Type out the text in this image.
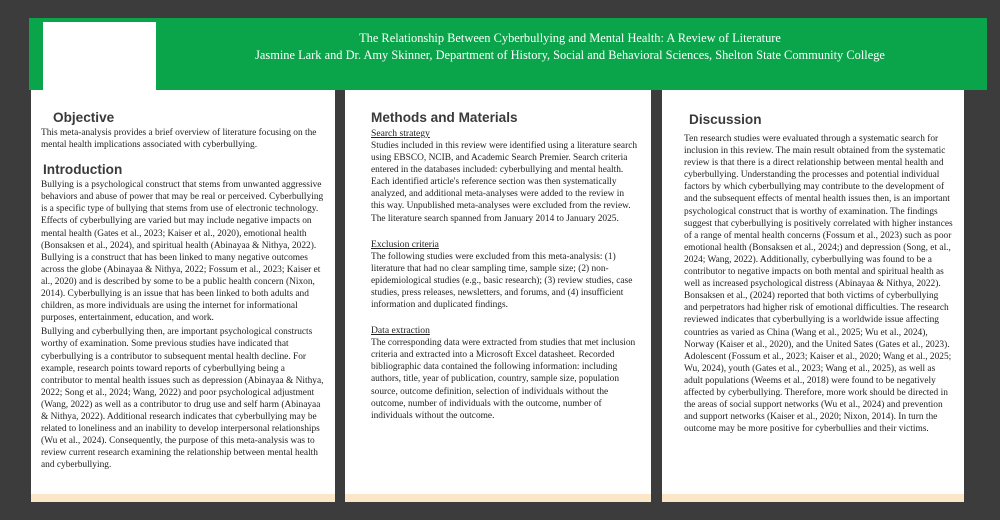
The Relationship Between Cyberbullying and Mental Health: A Review of Literature
Jasmine Lark and Dr. Amy Skinner, Department of History, Social and Behavioral Sciences, Shelton State Community College
Objective

This meta-analysis provides a brief overview of literature focusing on the mental health implications associated with cyberbullying.

Introduction

Bullying is a psychological construct that stems from unwanted aggressive behaviors and abuse of power that may be real or perceived. Cyberbullying is a specific type of bullying that stems from use of electronic technology. Effects of cyberbullying are varied but may include negative impacts on mental health (Gates et al., 2023; Kaiser et al., 2020), emotional health (Bonsaksen et al., 2024), and spiritual health (Abinayaa & Nithya, 2022). Bullying is a construct that has been linked to many negative outcomes across the globe (Abinayaa & Nithya, 2022; Fossum et al., 2023; Kaiser et al., 2020) and is described by some to be a public health concern (Nixon, 2014). Cyberbullying is an issue that has been linked to both adults and children, as more individuals are using the internet for informational purposes, entertainment, education, and work.

Bullying and cyberbullying then, are important psychological constructs worthy of examination. Some previous studies have indicated that cyberbullying is a contributor to subsequent mental health decline. For example, research points toward reports of cyberbullying being a contributor to mental health issues such as depression (Abinayaa & Nithya, 2022; Song et al., 2024; Wang, 2022) and poor psychological adjustment (Wang, 2022) as well as a contributor to drug use and self harm (Abinayaa & Nithya, 2022). Additional research indicates that cyberbullying may be related to loneliness and an inability to develop interpersonal relationships (Wu et al., 2024). Consequently, the purpose of this meta-analysis was to review current research examining the relationship between mental health and cyberbullying.

Methods and Materials

Search strategy

Studies included in this review were identified using a literature search using EBSCO, NCIB, and Academic Search Premier. Search criteria entered in the databases included: cyberbullying and mental health. Each identified article's reference section was then systematically analyzed, and additional meta-analyses were added to the review in this way. Unpublished meta-analyses were excluded from the review. The literature search spanned from January 2014 to January 2025.

Exclusion criteria

The following studies were excluded from this meta-analysis: (1) literature that had no clear sampling time, sample size; (2) non-epidemiological studies (e.g., basic research); (3) review studies, case studies, press releases, newsletters, and forums, and (4) insufficient information and duplicated findings.

Data extraction

The corresponding data were extracted from studies that met inclusion criteria and extracted into a Microsoft Excel datasheet. Recorded bibliographic data contained the following information: including authors, title, year of publication, country, sample size, population source, outcome definition, selection of individuals without the outcome, number of individuals with the outcome, number of individuals without the outcome.

Discussion

Ten research studies were evaluated through a systematic search for inclusion in this review. The main result obtained from the systematic review is that there is a direct relationship between mental health and cyberbullying. Understanding the processes and potential individual factors by which cyberbullying may contribute to the development of and the subsequent effects of mental health issues then, is an important psychological construct that is worthy of examination. The findings suggest that cyberbullying is positively correlated with higher instances of a range of mental health concerns (Fossum et al., 2023) such as poor emotional health (Bonsaksen et al., 2024;) and depression (Song, et al., 2024; Wang, 2022). Additionally, cyberbullying was found to be a contributor to negative impacts on both mental and spiritual health as well as increased psychological distress (Abinayaa & Nithya, 2022). Bonsaksen et al., (2024) reported that both victims of cyberbullying and perpetrators had higher risk of emotional difficulties. The research reviewed indicates that cyberbullying is a worldwide issue affecting countries as varied as China (Wang et al., 2025; Wu et al., 2024), Norway (Kaiser et al., 2020), and the United Sates (Gates et al., 2023). Adolescent (Fossum et al., 2023; Kaiser et al., 2020; Wang et al., 2025; Wu, 2024), youth (Gates et al., 2023; Wang et al., 2025), as well as adult populations (Weems et al., 2018) were found to be negatively affected by cyberbullying. Therefore, more work should be directed in the areas of social support networks (Wu et al., 2024) and prevention and support networks (Kaiser et al., 2020; Nixon, 2014). In turn the outcome may be more positive for cyberbullies and their victims.
